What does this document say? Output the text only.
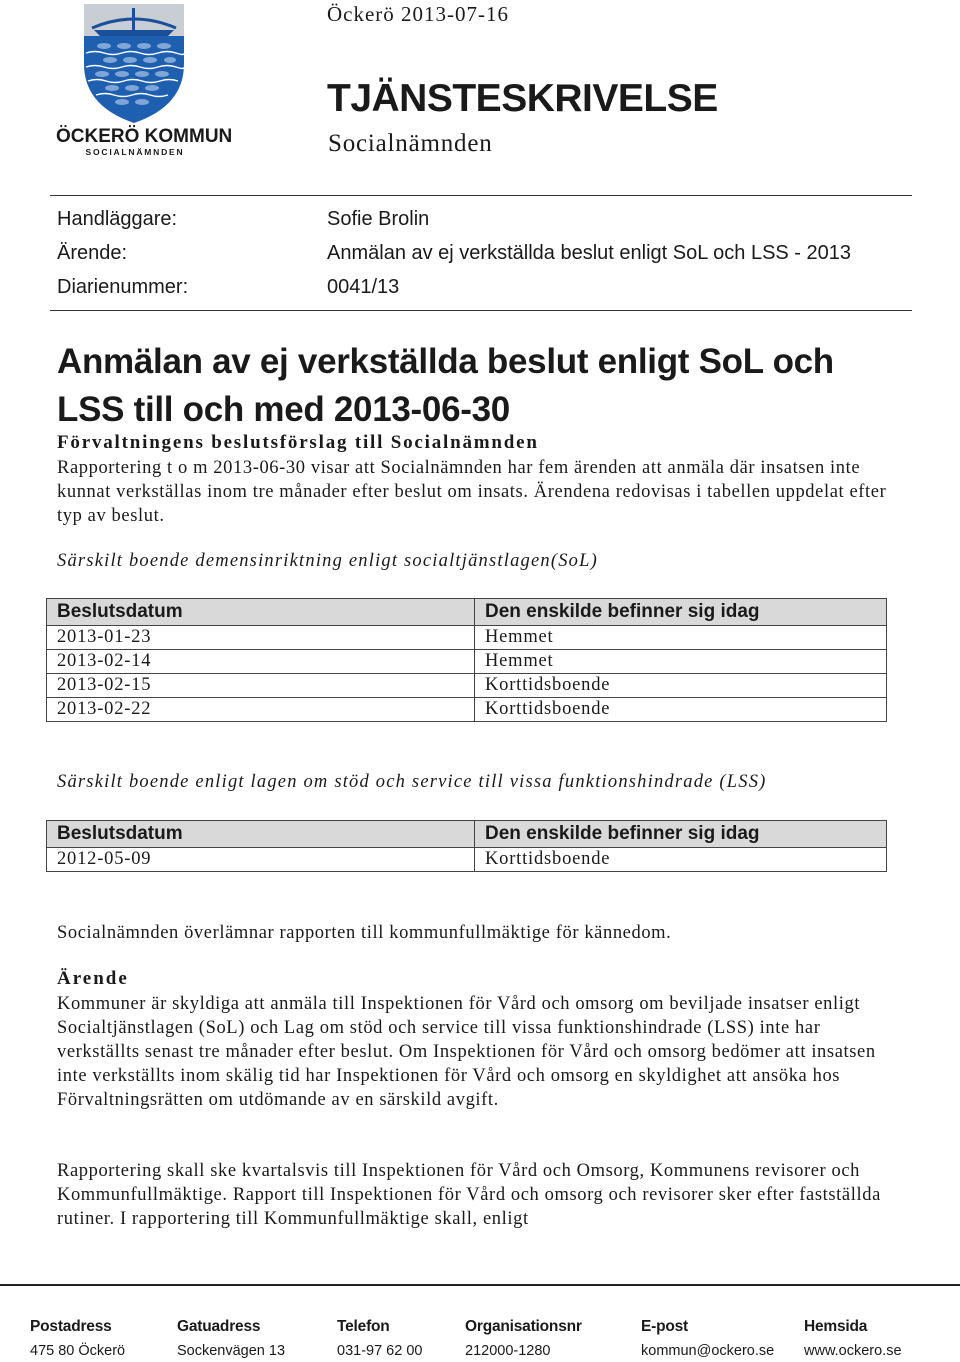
ÖCKERÖ KOMMUN
SOCIALNÄMNDEN
Öckerö 2013-07-16
TJÄNSTESKRIVELSE
Socialnämnden
Handläggare:	Sofie Brolin
Ärende:	Anmälan av ej verkställda beslut enligt SoL och LSS - 2013
Diarienummer:	0041/13
Anmälan av ej verkställda beslut enligt SoL och
LSS till och med 2013-06-30
Förvaltningens beslutsförslag till Socialnämnden
Rapportering t o m 2013-06-30 visar att Socialnämnden har fem ärenden att anmäla där insatsen inte kunnat verkställas inom tre månader efter beslut om insats. Ärendena redovisas i tabellen uppdelat efter typ av beslut.
Särskilt boende demensinriktning enligt socialtjänstlagen(SoL)
Beslutsdatum	Den enskilde befinner sig idag
2013-01-23	Hemmet
2013-02-14	Hemmet
2013-02-15	Korttidsboende
2013-02-22	Korttidsboende
Särskilt boende enligt lagen om stöd och service till vissa funktionshindrade (LSS)
Beslutsdatum	Den enskilde befinner sig idag
2012-05-09	Korttidsboende
Socialnämnden överlämnar rapporten till kommunfullmäktige för kännedom.
Ärende
Kommuner är skyldiga att anmäla till Inspektionen för Vård och omsorg om beviljade insatser enligt Socialtjänstlagen (SoL) och Lag om stöd och service till vissa funktionshindrade (LSS) inte har verkställts senast tre månader efter beslut. Om Inspektionen för Vård och omsorg bedömer att insatsen inte verkställts inom skälig tid har Inspektionen för Vård och omsorg en skyldighet att ansöka hos Förvaltningsrätten om utdömande av en särskild avgift.
Rapportering skall ske kvartalsvis till Inspektionen för Vård och Omsorg, Kommunens revisorer och Kommunfullmäktige. Rapport till Inspektionen för Vård och omsorg och revisorer sker efter fastställda rutiner. I rapportering till Kommunfullmäktige skall, enligt
Postadress
475 80 Öckerö
Gatuadress
Sockenvägen 13
Telefon
031-97 62 00
Organisationsnr
212000-1280
E-post
kommun@ockero.se
Hemsida
www.ockero.se
